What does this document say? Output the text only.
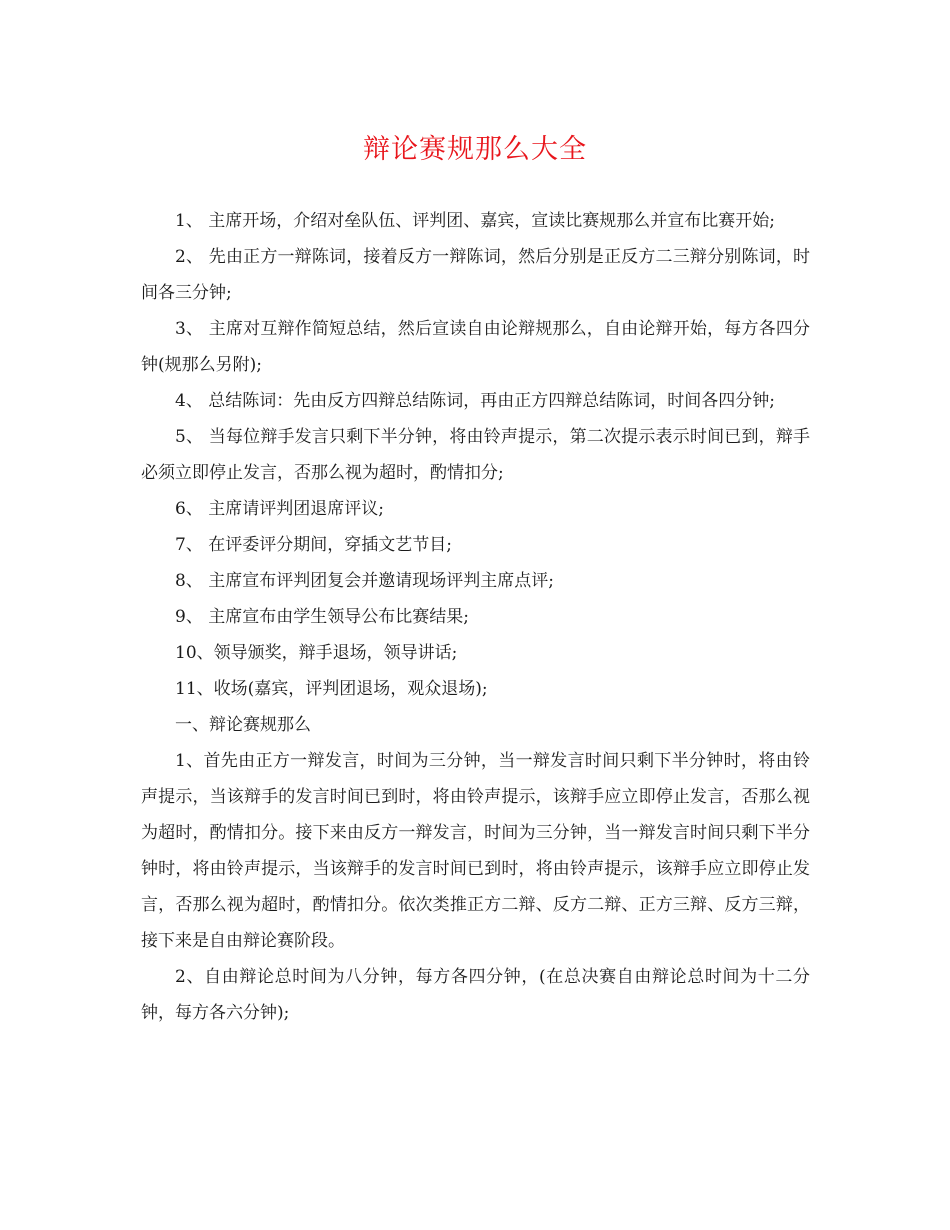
辩论赛规那么大全

1、 主席开场，介绍对垒队伍、评判团、嘉宾，宣读比赛规那么并宣布比赛开始;

2、 先由正方一辩陈词，接着反方一辩陈词，然后分别是正反方二三辩分别陈词，时间各三分钟;

3、 主席对互辩作简短总结，然后宣读自由论辩规那么，自由论辩开始，每方各四分钟(规那么另附);

4、 总结陈词：先由反方四辩总结陈词，再由正方四辩总结陈词，时间各四分钟;

5、 当每位辩手发言只剩下半分钟，将由铃声提示，第二次提示表示时间已到，辩手必须立即停止发言，否那么视为超时，酌情扣分;

6、 主席请评判团退席评议;

7、 在评委评分期间，穿插文艺节目;

8、 主席宣布评判团复会并邀请现场评判主席点评;

9、 主席宣布由学生领导公布比赛结果;

10、领导颁奖，辩手退场，领导讲话;

11、收场(嘉宾，评判团退场，观众退场);

一、辩论赛规那么

1、首先由正方一辩发言，时间为三分钟，当一辩发言时间只剩下半分钟时，将由铃声提示，当该辩手的发言时间已到时，将由铃声提示，该辩手应立即停止发言，否那么视为超时，酌情扣分。接下来由反方一辩发言，时间为三分钟，当一辩发言时间只剩下半分钟时，将由铃声提示，当该辩手的发言时间已到时，将由铃声提示，该辩手应立即停止发言，否那么视为超时，酌情扣分。依次类推正方二辩、反方二辩、正方三辩、反方三辩，接下来是自由辩论赛阶段。

2、自由辩论总时间为八分钟，每方各四分钟，(在总决赛自由辩论总时间为十二分钟，每方各六分钟);
